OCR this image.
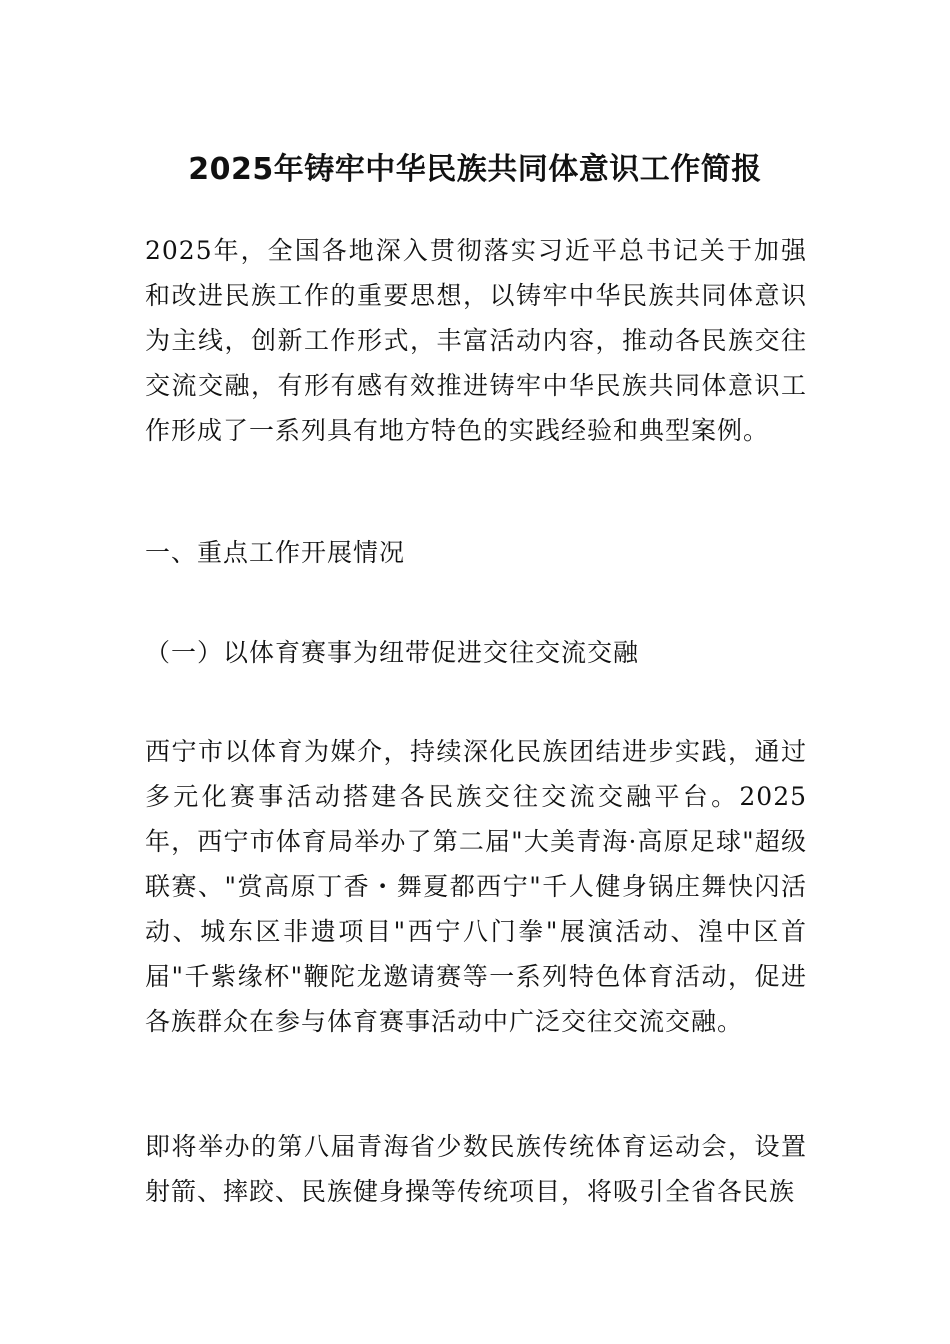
2025年铸牢中华民族共同体意识工作简报

2025年，全国各地深入贯彻落实习近平总书记关于加强和改进民族工作的重要思想，以铸牢中华民族共同体意识为主线，创新工作形式，丰富活动内容，推动各民族交往交流交融，有形有感有效推进铸牢中华民族共同体意识工作形成了一系列具有地方特色的实践经验和典型案例。

一、重点工作开展情况

（一）以体育赛事为纽带促进交往交流交融

西宁市以体育为媒介，持续深化民族团结进步实践，通过多元化赛事活动搭建各民族交往交流交融平台。2025年，西宁市体育局举办了第二届"大美青海·高原足球"超级联赛、"赏高原丁香・舞夏都西宁"千人健身锅庄舞快闪活动、城东区非遗项目"西宁八门拳"展演活动、湟中区首届"千紫缘杯"鞭陀龙邀请赛等一系列特色体育活动，促进各族群众在参与体育赛事活动中广泛交往交流交融。

即将举办的第八届青海省少数民族传统体育运动会，设置射箭、摔跤、民族健身操等传统项目，将吸引全省各民族
